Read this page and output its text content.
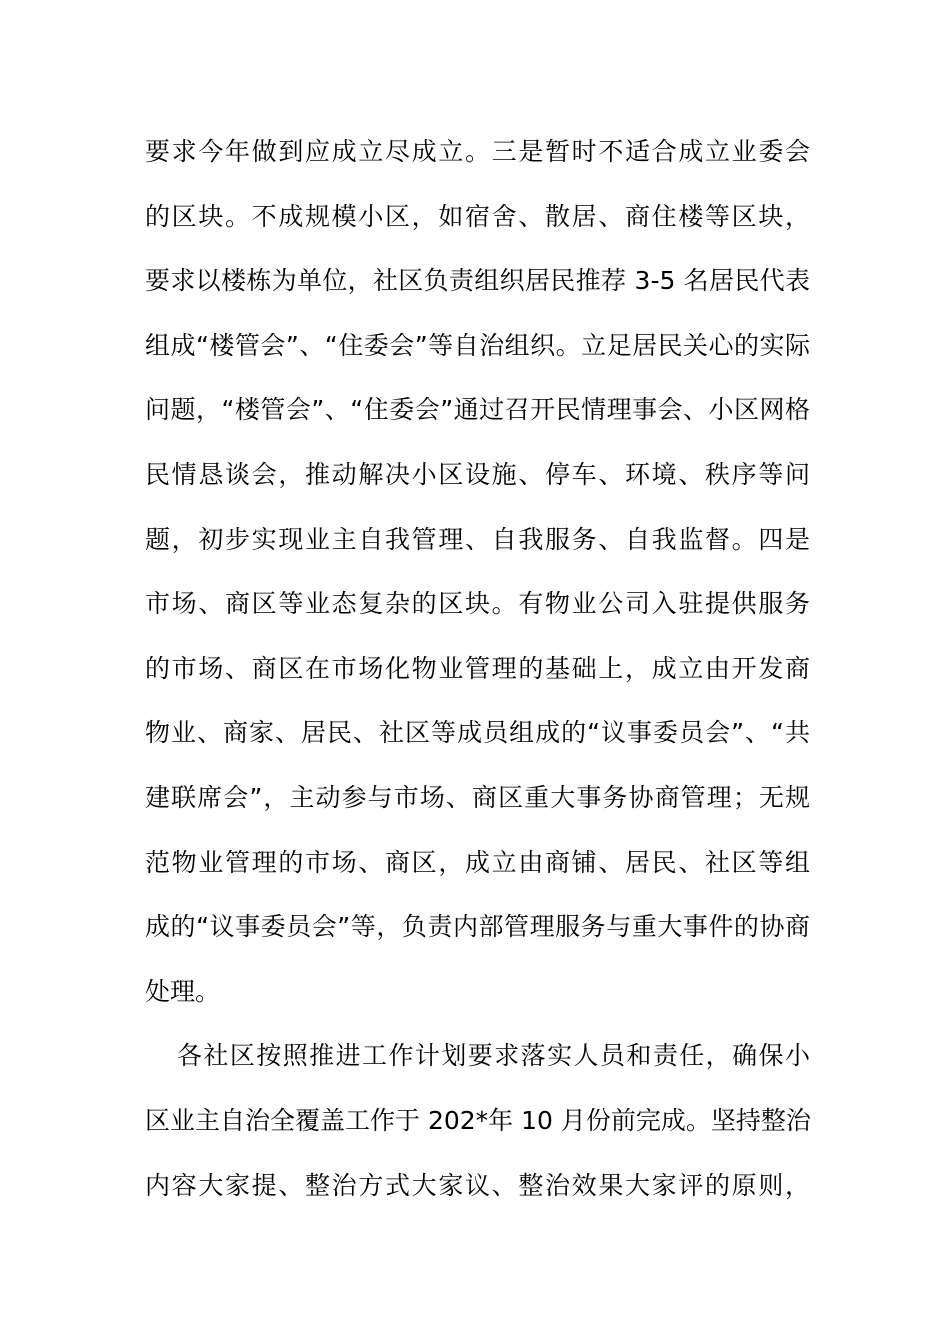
要求今年做到应成立尽成立。三是暂时不适合成立业委会
的区块。不成规模小区，如宿舍、散居、商住楼等区块，
要求以楼栋为单位，社区负责组织居民推荐 3-5 名居民代表
组成“楼管会”、“住委会”等自治组织。立足居民关心的实际
问题，“楼管会”、“住委会”通过召开民情理事会、小区网格
民情恳谈会，推动解决小区设施、停车、环境、秩序等问
题，初步实现业主自我管理、自我服务、自我监督。四是
市场、商区等业态复杂的区块。有物业公司入驻提供服务
的市场、商区在市场化物业管理的基础上，成立由开发商
物业、商家、居民、社区等成员组成的“议事委员会”、“共
建联席会”，主动参与市场、商区重大事务协商管理；无规
范物业管理的市场、商区，成立由商铺、居民、社区等组
成的“议事委员会”等，负责内部管理服务与重大事件的协商
处理。
各社区按照推进工作计划要求落实人员和责任，确保小
区业主自治全覆盖工作于 202*年 10 月份前完成。坚持整治
内容大家提、整治方式大家议、整治效果大家评的原则，
